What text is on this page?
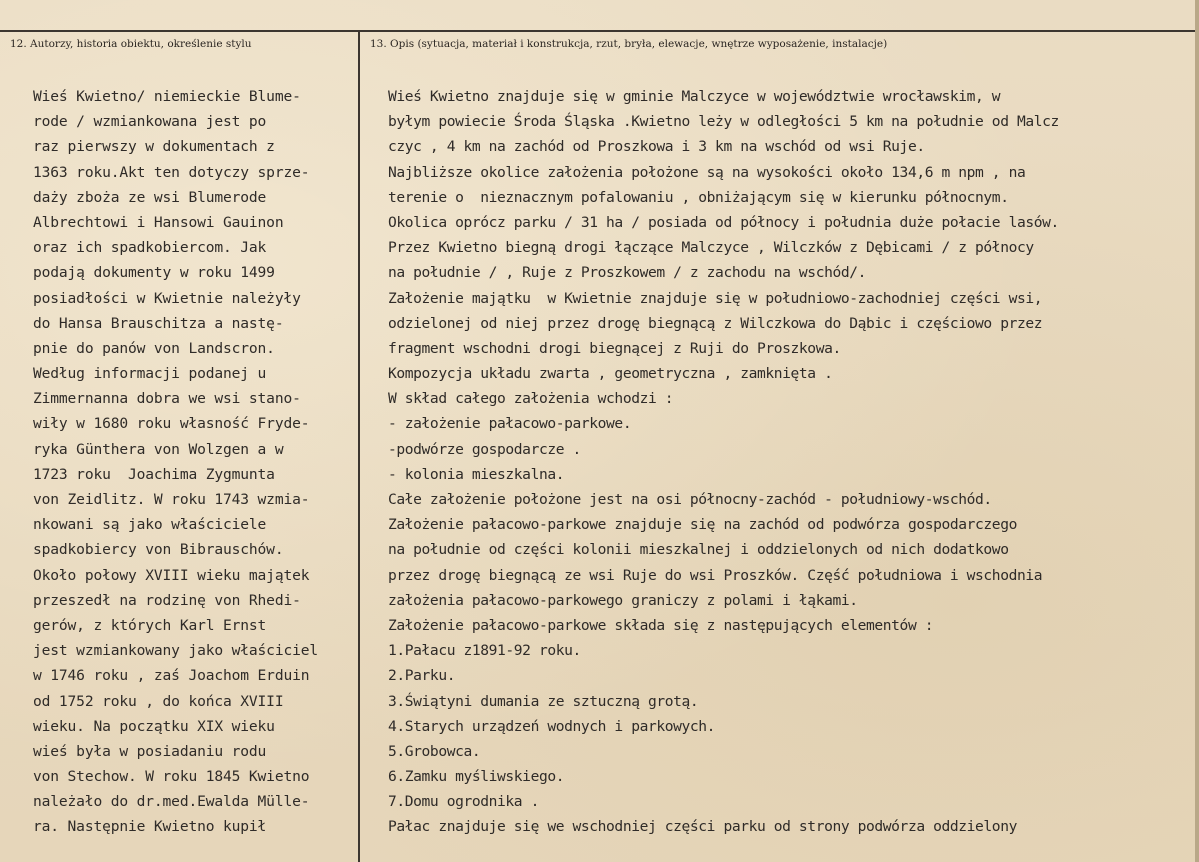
12. Autorzy, historia obiektu, określenie stylu	13. Opis (sytuacja, materiał i konstrukcja, rzut, bryła, elewacje, wnętrze wyposażenie, instalacje)
Wieś Kwietno/ niemieckie Blume-
rode / wzmiankowana jest po
raz pierwszy w dokumentach z
1363 roku.Akt ten dotyczy sprze-
daży zboża ze wsi Blumerode
Albrechtowi i Hansowi Gauinon
oraz ich spadkobiercom. Jak
podają dokumenty w roku 1499
posiadłości w Kwietnie należyły
do Hansa Brauschitza a nastę-
pnie do panów von Landscron.
Według informacji podanej u
Zimmernanna dobra we wsi stano-
wiły w 1680 roku własność Fryde-
ryka Günthera von Wolzgen a w
1723 roku  Joachima Zygmunta
von Zeidlitz. W roku 1743 wzmia-
nkowani są jako właściciele
spadkobiercy von Bibrauschów.
Około połowy XVIII wieku majątek
przeszedł na rodzinę von Rhedi-
gerów, z których Karl Ernst
jest wzmiankowany jako właściciel
w 1746 roku , zaś Joachom Erduin
od 1752 roku , do końca XVIII
wieku. Na początku XIX wieku
wieś była w posiadaniu rodu
von Stechow. W roku 1845 Kwietno
należało do dr.med.Ewalda Mülle-
ra. Następnie Kwietno kupił
Wieś Kwietno znajduje się w gminie Malczyce w województwie wrocławskim, w
byłym powiecie Środa Śląska .Kwietno leży w odległości 5 km na południe od Malcz
czyc , 4 km na zachód od Proszkowa i 3 km na wschód od wsi Ruje.
Najbliższe okolice założenia położone są na wysokości około 134,6 m npm , na
terenie o  nieznacznym pofalowaniu , obniżającym się w kierunku północnym.
Okolica oprócz parku / 31 ha / posiada od północy i południa duże połacie lasów.
Przez Kwietno biegną drogi łączące Malczyce , Wilczków z Dębicami / z północy
na południe / , Ruje z Proszkowem / z zachodu na wschód/.
Założenie majątku  w Kwietnie znajduje się w południowo-zachodniej części wsi,
odzielonej od niej przez drogę biegnącą z Wilczkowa do Dąbic i częściowo przez
fragment wschodni drogi biegnącej z Ruji do Proszkowa.
Kompozycja układu zwarta , geometryczna , zamknięta .
W skład całego założenia wchodzi :
- założenie pałacowo-parkowe.
-podwórze gospodarcze .
- kolonia mieszkalna.
Całe założenie położone jest na osi północny-zachód - południowy-wschód.
Założenie pałacowo-parkowe znajduje się na zachód od podwórza gospodarczego
na południe od części kolonii mieszkalnej i oddzielonych od nich dodatkowo
przez drogę biegnącą ze wsi Ruje do wsi Proszków. Część południowa i wschodnia
założenia pałacowo-parkowego graniczy z polami i łąkami.
Założenie pałacowo-parkowe składa się z następujących elementów :
1.Pałacu z1891-92 roku.
2.Parku.
3.Świątyni dumania ze sztuczną grotą.
4.Starych urządzeń wodnych i parkowych.
5.Grobowca.
6.Zamku myśliwskiego.
7.Domu ogrodnika .
Pałac znajduje się we wschodniej części parku od strony podwórza oddzielony
